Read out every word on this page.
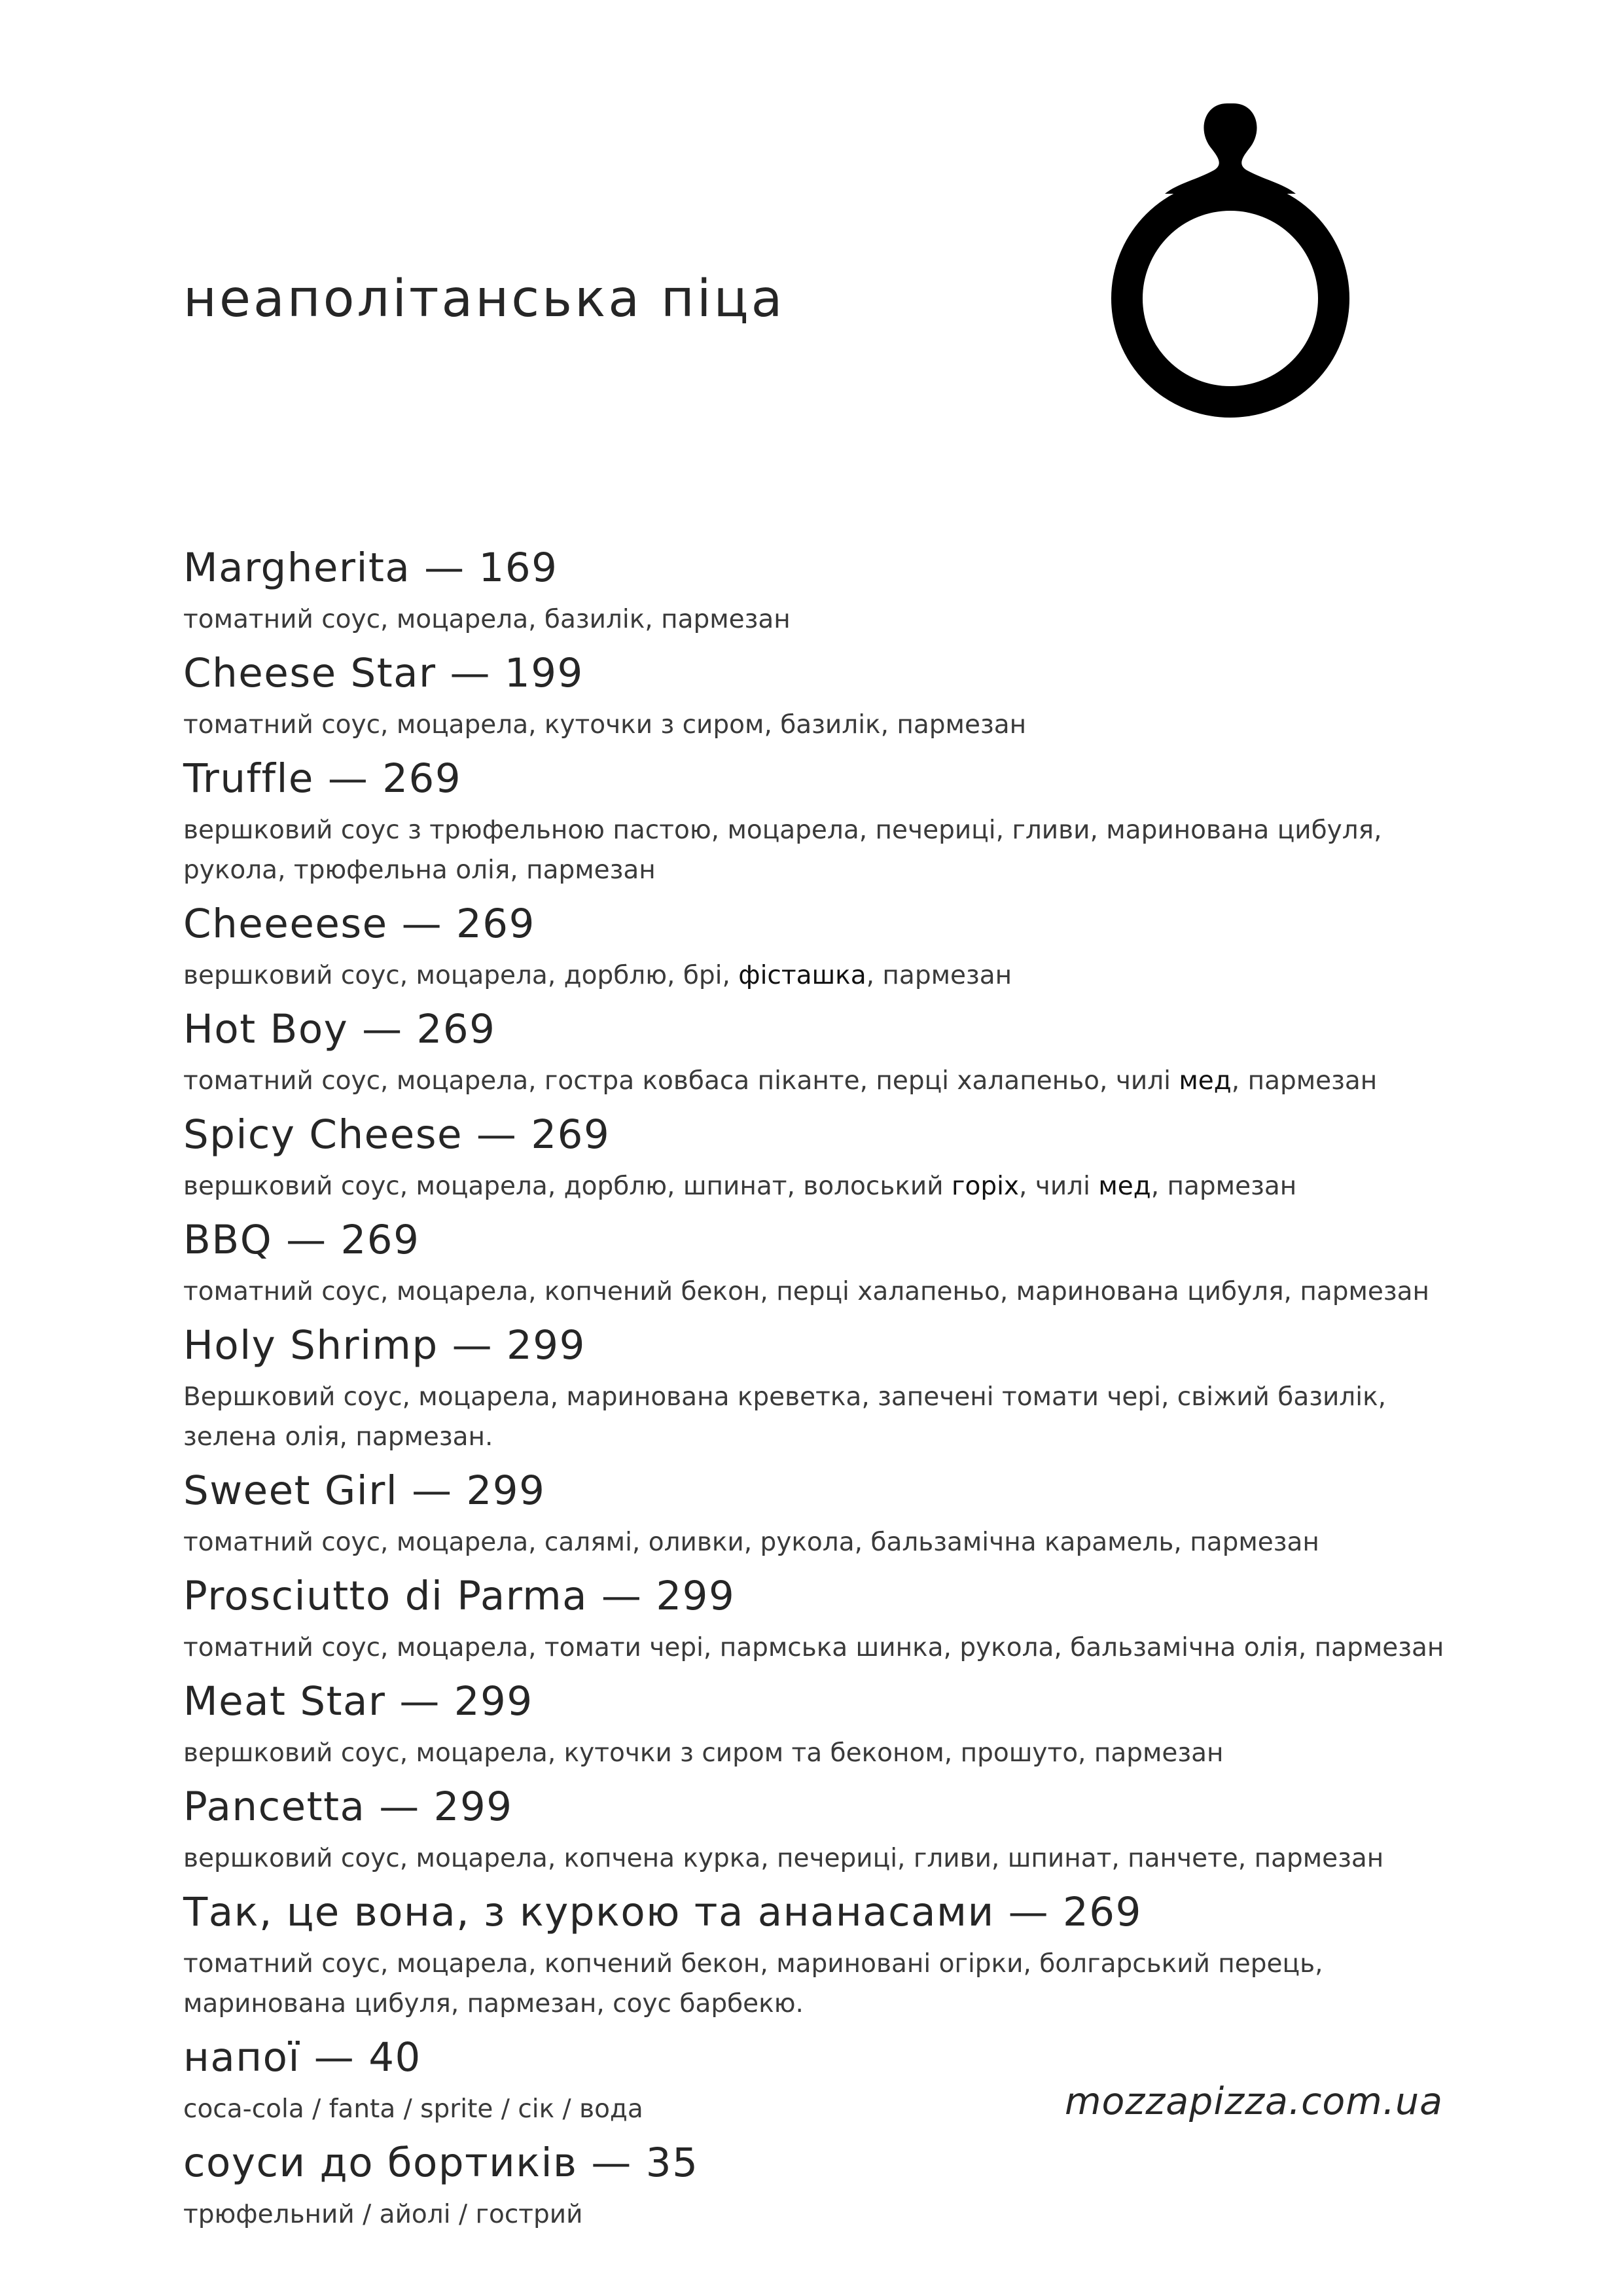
неаполітанська піца
Margherita — 169

томатний соус, моцарела, базилік, пармезан

Cheese Star — 199

томатний соус, моцарела, куточки з сиром, базилік, пармезан

Truffle — 269

вершковий соус з трюфельною пастою, моцарела, печериці, гливи, маринована цибуля,
рукола, трюфельна олія, пармезан

Cheeeese — 269

вершковий соус, моцарела, дорблю, брі, фісташка, пармезан

Hot Boy — 269

томатний соус, моцарела, гостра ковбаса піканте, перці халапеньо, чилі мед, пармезан

Spicy Cheese — 269

вершковий соус, моцарела, дорблю, шпинат, волоський горіх, чилі мед, пармезан

BBQ — 269

томатний соус, моцарела, копчений бекон, перці халапеньо, маринована цибуля, пармезан

Holy Shrimp — 299

Вершковий соус, моцарела, маринована креветка, запечені томати чері, свіжий базилік,
зелена олія, пармезан.

Sweet Girl — 299

томатний соус, моцарела, салямі, оливки, рукола, бальзамічна карамель, пармезан

Prosciutto di Parma — 299

томатний соус, моцарела, томати чері, пармська шинка, рукола, бальзамічна олія, пармезан

Meat Star — 299

вершковий соус, моцарела, куточки з сиром та беконом, прошуто, пармезан

Pancetta — 299

вершковий соус, моцарела, копчена курка, печериці, гливи, шпинат, панчете, пармезан

Так, це вона, з куркою та ананасами — 269

томатний соус, моцарела, копчений бекон, мариновані огірки, болгарський перець,
маринована цибуля, пармезан, соус барбекю.

напої — 40

coca-cola / fanta / sprite / сік / вода

соуси до бортиків — 35

трюфельний / айолі / гострий

mozzapizza.com.ua
